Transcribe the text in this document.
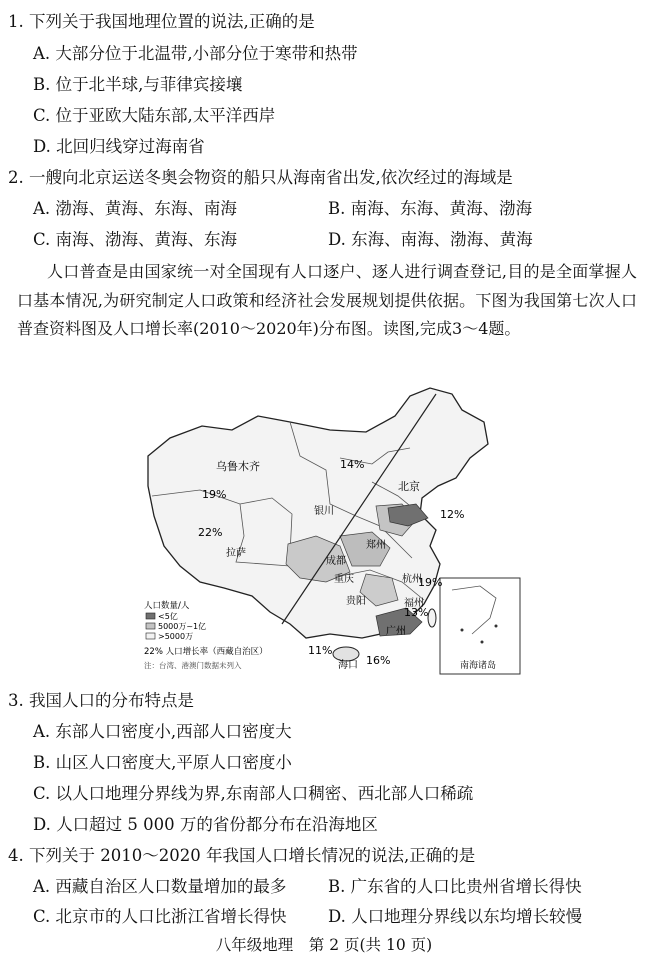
1. 下列关于我国地理位置的说法,正确的是
A. 大部分位于北温带,小部分位于寒带和热带
B. 位于北半球,与菲律宾接壤
C. 位于亚欧大陆东部,太平洋西岸
D. 北回归线穿过海南省
2. 一艘向北京运送冬奥会物资的船只从海南省出发,依次经过的海域是
A. 渤海、黄海、东海、南海	B. 南海、东海、黄海、渤海
C. 南海、渤海、黄海、东海	D. 东海、南海、渤海、黄海
人口普查是由国家统一对全国现有人口逐户、逐人进行调查登记,目的是全面掌握人口基本情况,为研究制定人口政策和经济社会发展规划提供依据。下图为我国第七次人口普查资料图及人口增长率(2010～2020年)分布图。读图,完成3～4题。
南海诸岛
乌鲁木齐
北京
银川
郑州
拉萨
成都
重庆	杭州
贵阳	福州
广州
海口
14%
19%
12%
22%
19%
13%
11%
16%
人口数量/人
<5亿
5000万~1亿
>5000万
22% 人口增长率（西藏自治区）
注：台湾、港澳门数据未列入
3. 我国人口的分布特点是
A. 东部人口密度小,西部人口密度大
B. 山区人口密度大,平原人口密度小
C. 以人口地理分界线为界,东南部人口稠密、西北部人口稀疏
D. 人口超过 5 000 万的省份都分布在沿海地区
4. 下列关于 2010～2020 年我国人口增长情况的说法,正确的是
A. 西藏自治区人口数量增加的最多	B. 广东省的人口比贵州省增长得快
C. 北京市的人口比浙江省增长得快	D. 人口地理分界线以东均增长较慢
八年级地理　第 2 页(共 10 页)
